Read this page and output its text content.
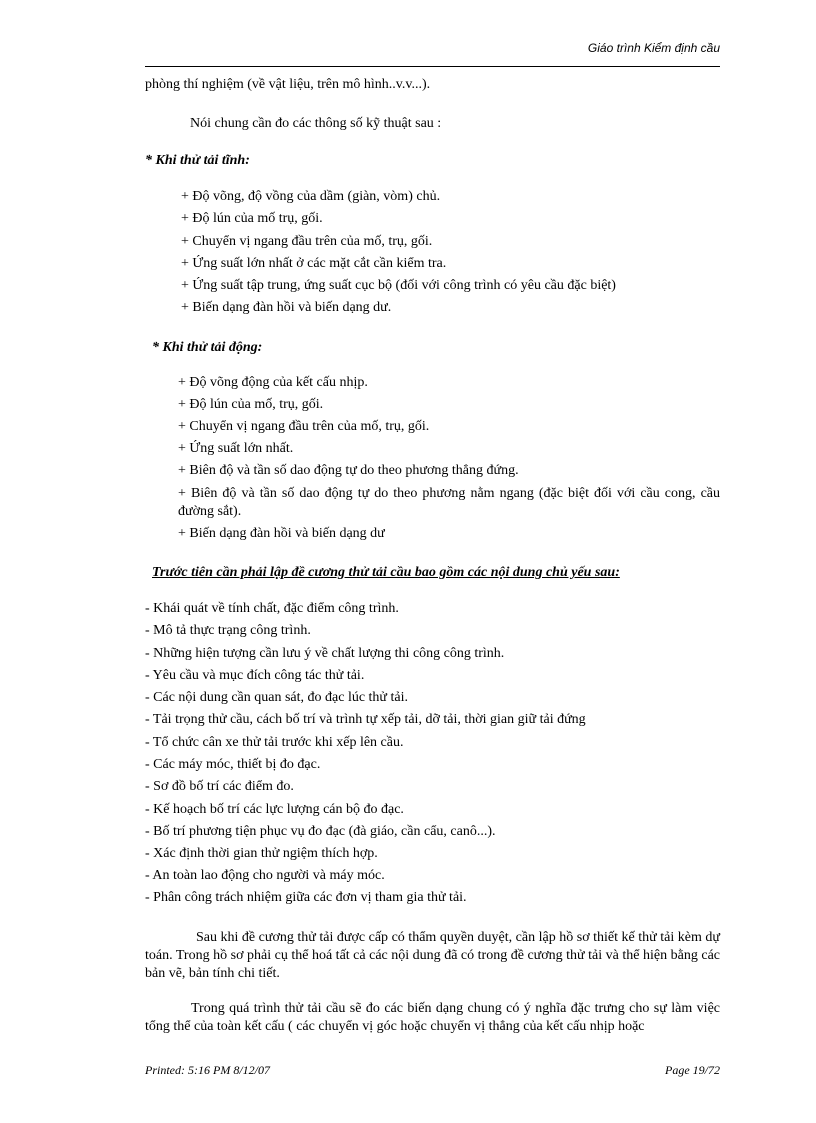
Giáo trình Kiểm định cầu
phòng thí nghiệm (về vật liệu, trên mô hình..v.v...).
Nói chung cần đo các thông số kỹ thuật sau :
* Khi thử tải tĩnh:
+ Độ võng, độ vồng của dầm (giàn, vòm) chủ.
+ Độ lún của mố trụ, gối.
+ Chuyển vị ngang đầu trên của mố, trụ, gối.
+ Ứng suất lớn nhất ở các mặt cắt cần kiểm tra.
+ Ứng suất tập trung, ứng suất cục bộ (đối với công trình có yêu cầu đặc biệt)
+ Biến dạng đàn hồi và biến dạng dư.
* Khi thử tải động:
+ Độ võng động của kết cấu nhịp.
+ Độ lún của mố, trụ, gối.
+ Chuyển vị ngang đầu trên của mố, trụ, gối.
+ Ứng suất lớn nhất.
+ Biên độ và tần số dao động tự do theo phương thẳng đứng.
+ Biên độ và tần số dao động tự do theo phương nằm ngang (đặc biệt đối với cầu cong, cầu đường sắt).
+ Biến dạng đàn hồi và biến dạng dư
Trước tiên cần phải lập đề cương thử tải cầu bao gồm các nội dung chủ yếu sau:
- Khái quát về tính chất, đặc điểm công trình.
- Mô tả thực trạng công trình.
- Những hiện tượng cần lưu ý về chất lượng thi công công trình.
- Yêu cầu và mục đích công tác thử tải.
- Các nội dung cần quan sát, đo đạc lúc thử tải.
- Tải trọng thử cầu, cách bố trí và trình tự xếp tải, dỡ tải, thời gian giữ tải đứng
- Tổ chức cân xe thử tải trước khi xếp lên cầu.
- Các máy móc, thiết bị đo đạc.
- Sơ đồ bố trí các điểm đo.
- Kế hoạch bố trí các lực lượng cán bộ đo đạc.
- Bố trí phương tiện phục vụ đo đạc (đà giáo, cần cẩu, canô...).
- Xác định thời gian thử ngiệm thích hợp.
- An toàn lao động cho người và máy móc.
- Phân công trách nhiệm giữa các đơn vị tham gia thử tải.
Sau khi đề cương thử tải được cấp có thẩm quyền duyệt, cần lập hồ sơ thiết kế thử tải kèm dự toán. Trong hồ sơ phải cụ thể hoá tất cả các nội dung đã có trong đề cương thử tải và thể hiện bằng các bản vẽ, bản tính chi tiết.
Trong quá trình thử tải cầu sẽ đo các biến dạng chung có ý nghĩa đặc trưng cho sự làm việc tổng thể của toàn kết cấu ( các chuyển vị góc hoặc chuyển vị thẳng của kết cấu nhịp hoặc
Printed: 5:16 PM 8/12/07	Page 19/72
